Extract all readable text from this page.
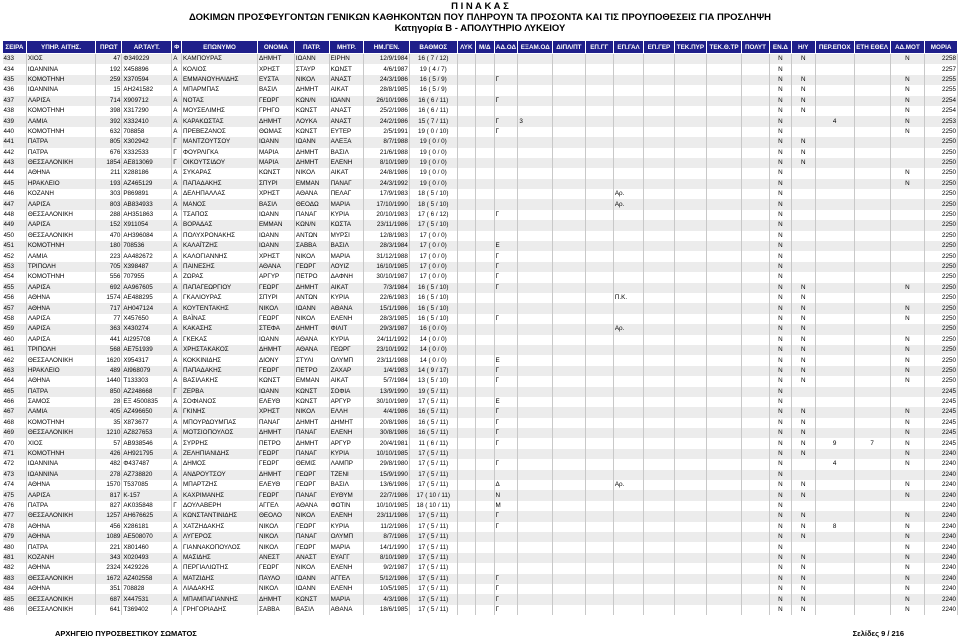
Π Ι Ν Α Κ Α Σ
ΔΟΚΙΜΩΝ ΠΡΟΣΦΕΥΓΟΝΤΩΝ ΓΕΝΙΚΩΝ ΚΑΘΗΚΟΝΤΩΝ ΠΟΥ ΠΛΗΡΟΥΝ ΤΑ ΠΡΟΣΟΝΤΑ ΚΑΙ ΤΙΣ ΠΡΟΥΠΟΘΕΣΕΙΣ ΓΙΑ ΠΡΟΣΛΗΨΗ
Κατηγορία Β - ΑΠΟΛΥΤΗΡΙΟ ΛΥΚΕΙΟΥ
ΣΕΙΡΑ	ΥΠΗΡ. ΑΙΤΗΣ.	ΠΡΩΤ	ΑΡ.ΤΑΥΤ.	Φ	ΕΠΩΝΥΜΟ	ΟΝΟΜΑ	ΠΑΤΡ.	ΜΗΤΡ.	ΗΜ.ΓΕΝ.	ΒΑΘΜΟΣ	ΛΥΚ	Μ/Δ	ΑΔ.ΟΔ	ΕΞΑΜ.ΟΔ	ΔΙΠΛ/ΠΤ	ΕΠ.ΓΓ	ΕΠ.ΓΑΛ	ΕΠ.ΓΕΡ	ΤΕΚ.ΠΥΡ	ΤΕΚ.Θ.ΤΡ	ΠΟΛΥΤ	ΕΝ.Δ	Η/Υ	ΠΕΡ.ΕΠΟΧ	ΕΤΗ ΕΘΕΛ	ΑΔ.ΜΟΤ	ΜΟΡΙΑ
433	ΧΙΟΣ	47	Φ349229	Α	ΚΑΜΠΟΥΡΑΣ	ΔΗΜΗΤ	ΙΩΑΝΝ	ΕΙΡΗΝ	12/9/1984	16 ( 7 / 12)												Ν	Ν			Ν	2258
434	ΙΩΑΝΝΙΝΑ	192	Χ458896	Α	ΚΟΛΙΟΣ	ΧΡΗΣΤ	ΣΤΑΥΡ	ΚΩΝΣΤ	4/6/1987	19 ( 4 / 7)												Ν					2257
435	ΚΟΜΟΤΗΝΗ	259	Χ370594	Α	ΕΜΜΑΝΟΥΗΛΙΔΗΣ	ΕΥΣΤΑ	ΝΙΚΟΛ	ΑΝΑΣΤ	24/3/1986	16 ( 5 / 9)			Γ									Ν	Ν			Ν	2255
436	ΙΩΑΝΝΙΝΑ	15	ΑΗ241582	Α	ΜΠΑΡΜΠΑΣ	ΒΑΣΙΛ	ΔΗΜΗΤ	ΑΙΚΑΤ	28/8/1985	16 ( 5 / 9)												Ν	Ν			Ν	2255
437	ΛΑΡΙΣΑ	714	Χ909712	Α	ΝΟΤΑΣ	ΓΕΩΡΓ	ΚΩΝ/Ν	ΙΩΑΝΝ	26/10/1986	16 ( 6 / 11)			Γ									Ν	Ν			Ν	2254
438	ΚΟΜΟΤΗΝΗ	398	Χ317290	Α	ΜΟΥΣΕΛΙΜΗΣ	ΓΡΗΓΟ	ΚΩΝΣΤ	ΑΝΑΣΤ	25/2/1986	16 ( 6 / 11)												Ν	Ν			Ν	2254
439	ΛΑΜΙΑ	392	Χ332410	Α	ΚΑΡΑΚΩΣΤΑΣ	ΔΗΜΗΤ	ΛΟΥΚΑ	ΑΝΑΣΤ	24/2/1986	15 ( 7 / 11)			Γ	3								Ν		4		Ν	2253
440	ΚΟΜΟΤΗΝΗ	632	708858	Α	ΠΡΕΒΕΖΑΝΟΣ	ΘΩΜΑΣ	ΚΩΝΣΤ	ΕΥΤΕΡ	2/5/1991	19 ( 0 / 10)			Γ									Ν				Ν	2250
441	ΠΑΤΡΑ	805	Χ302942	Γ	ΜΑΝΤΖΟΥΤΣΟΥ	ΙΩΑΝΝ	ΙΩΑΝΝ	ΑΛΕΞΑ	8/7/1988	19 ( 0 / 0)												Ν	Ν				2250
442	ΠΑΤΡΑ	676	Χ332533	Γ	ΦΟΥΡΛΙΓΚΑ	ΜΑΡΙΑ	ΔΗΜΗΤ	ΒΑΣΙΛ	21/6/1988	19 ( 0 / 0)												Ν	Ν				2250
443	ΘΕΣΣΑΛΟΝΙΚΗ	1854	ΑΕ813069	Γ	ΟΙΚΟΥΤΣΙΔΟΥ	ΜΑΡΙΑ	ΔΗΜΗΤ	ΕΛΕΝΗ	8/10/1989	19 ( 0 / 0)												Ν	Ν				2250
444	ΑΘΗΝΑ	211	Χ288186	Α	ΣΥΚΑΡΑΣ	ΚΩΝΣΤ	ΝΙΚΟΛ	ΑΙΚΑΤ	24/8/1986	19 ( 0 / 0)												Ν				Ν	2250
445	ΗΡΑΚΛΕΙΟ	193	ΑΖ465129	Α	ΠΑΠΑΔΑΚΗΣ	ΣΠΥΡΙ	ΕΜΜΑΝ	ΠΑΝΑΓ	24/3/1992	19 ( 0 / 0)												Ν				Ν	2250
446	ΚΟΖΑΝΗ	303	Ρ869891	Α	ΔΕΛΗΠΑΛΛΑΣ	ΧΡΗΣΤ	ΑΘΑΝΑ	ΠΕΛΑΓ	17/9/1983	18 ( 5 / 10)							Αρ.					Ν					2250
447	ΛΑΡΙΣΑ	803	ΑΒ834933	Α	ΜΑΝΟΣ	ΒΑΣΙΛ	ΘΕΟΔΩ	ΜΑΡΙΑ	17/10/1990	18 ( 5 / 10)							Αρ.					Ν					2250
448	ΘΕΣΣΑΛΟΝΙΚΗ	288	ΑΗ351863	Α	ΤΣΑΠΟΣ	ΙΩΑΝΝ	ΠΑΝΑΓ	ΚΥΡΙΑ	20/10/1983	17 ( 6 / 12)			Γ									Ν					2250
449	ΛΑΡΙΣΑ	152	Χ911054	Α	ΒΟΡΑΔΑΣ	ΕΜΜΑΝ	ΚΩΝ/Ν	ΚΩΣΤΑ	23/11/1986	17 ( 5 / 10)												Ν					2250
450	ΘΕΣΣΑΛΟΝΙΚΗ	470	ΑΗ396084	Α	ΠΟΛΥΧΡΟΝΑΚΗΣ	ΙΩΑΝΝ	ΑΝΤΩΝ	ΜΥΡΣΙ	12/8/1983	17 ( 0 / 0)												Ν					2250
451	ΚΟΜΟΤΗΝΗ	180	708536	Α	ΚΑΛΑΪΤΖΗΣ	ΙΩΑΝΝ	ΣΑΒΒΑ	ΒΑΣΙΛ	28/3/1984	17 ( 0 / 0)			Ε									Ν					2250
452	ΛΑΜΙΑ	223	ΑΑ482672	Α	ΚΑΛΟΓΙΑΝΝΗΣ	ΧΡΗΣΤ	ΝΙΚΟΛ	ΜΑΡΙΑ	31/12/1988	17 ( 0 / 0)			Γ									Ν					2250
453	ΤΡΙΠΟΛΗ	705	Χ398487	Α	ΠΑΙΝΕΣΗΣ	ΑΘΑΝΑ	ΓΕΩΡΓ	ΛΟΥΙΖ	16/10/1985	17 ( 0 / 0)			Γ									Ν					2250
454	ΚΟΜΟΤΗΝΗ	556	707955	Α	ΖΩΡΑΣ	ΑΡΓΥΡ	ΠΕΤΡΟ	ΔΑΦΝΗ	30/10/1987	17 ( 0 / 0)			Γ									Ν					2250
455	ΛΑΡΙΣΑ	692	ΑΑ967605	Α	ΠΑΠΑΓΕΩΡΓΙΟΥ	ΓΕΩΡΓ	ΔΗΜΗΤ	ΑΙΚΑΤ	7/3/1984	16 ( 5 / 10)			Γ									Ν	Ν			Ν	2250
456	ΑΘΗΝΑ	1574	ΑΕ488295	Α	ΓΚΑΛΙΟΥΡΑΣ	ΣΠΥΡΙ	ΑΝΤΩΝ	ΚΥΡΙΑ	22/6/1983	16 ( 5 / 10)							Π.Κ.					Ν	Ν				2250
457	ΑΘΗΝΑ	717	ΑΗ047124	Α	ΚΟΥΤΕΝΤΑΚΗΣ	ΝΙΚΟΛ	ΙΩΑΝΝ	ΑΘΑΝΑ	15/1/1986	16 ( 5 / 10)												Ν	Ν			Ν	2250
458	ΛΑΡΙΣΑ	77	Χ457650	Α	ΒΑΪΝΑΣ	ΓΕΩΡΓ	ΝΙΚΟΛ	ΕΛΕΝΗ	28/3/1985	16 ( 5 / 10)			Γ									Ν	Ν			Ν	2250
459	ΛΑΡΙΣΑ	363	Χ430274	Α	ΚΑΚΑΣΗΣ	ΣΤΕΦΑ	ΔΗΜΗΤ	ΦΙΛΙΤ	29/3/1987	16 ( 0 / 0)							Αρ.					Ν	Ν				2250
460	ΛΑΡΙΣΑ	441	ΑΙ295708	Α	ΓΚΕΚΑΣ	ΙΩΑΝΝ	ΑΘΑΝΑ	ΚΥΡΙΑ	24/11/1992	14 ( 0 / 0)												Ν	Ν			Ν	2250
461	ΤΡΙΠΟΛΗ	568	ΑΕ751939	Α	ΧΡΗΣΤΑΚΑΚΟΣ	ΔΗΜΗΤ	ΑΘΑΝΑ	ΓΕΩΡΓ	23/10/1992	14 ( 0 / 0)												Ν	Ν			Ν	2250
462	ΘΕΣΣΑΛΟΝΙΚΗ	1620	Χ954317	Α	ΚΟΚΚΙΝΙΔΗΣ	ΔΙΟΝΥ	ΣΤΥΛΙ	ΟΛΥΜΠ	23/11/1988	14 ( 0 / 0)			Ε									Ν	Ν			Ν	2250
463	ΗΡΑΚΛΕΙΟ	489	ΑΙ968079	Α	ΠΑΠΑΔΑΚΗΣ	ΓΕΩΡΓ	ΠΕΤΡΟ	ΖΑΧΑΡ	1/4/1983	14 ( 9 / 17)			Γ									Ν	Ν			Ν	2250
464	ΑΘΗΝΑ	1440	Τ133303	Α	ΒΑΣΙΛΑΚΗΣ	ΚΩΝΣΤ	ΕΜΜΑΝ	ΑΙΚΑΤ	5/7/1984	13 ( 5 / 10)			Γ									Ν	Ν			Ν	2250
465	ΠΑΤΡΑ	850	ΑΖ248668	Γ	ΖΕΡΒΑ	ΙΩΑΝΝ	ΚΩΝΣΤ	ΣΟΦΙΑ	13/9/1990	19 ( 5 / 11)												Ν					2245
466	ΣΑΜΟΣ	28	ΕΞ 4500835	Α	ΣΟΦΙΑΝΟΣ	ΕΛΕΥΘ	ΚΩΝΣΤ	ΑΡΓΥΡ	30/10/1989	17 ( 5 / 11)			Ε									Ν					2245
467	ΛΑΜΙΑ	405	ΑΖ496650	Α	ΓΚΙΝΗΣ	ΧΡΗΣΤ	ΝΙΚΟΛ	ΕΛΛΗ	4/4/1986	16 ( 5 / 11)			Γ									Ν	Ν			Ν	2245
468	ΚΟΜΟΤΗΝΗ	35	Χ873677	Α	ΜΠΟΥΡΔΟΥΜΠΑΣ	ΠΑΝΑΓ	ΔΗΜΗΤ	ΔΗΜΗΤ	20/8/1986	16 ( 5 / 11)			Γ									Ν	Ν			Ν	2245
469	ΘΕΣΣΑΛΟΝΙΚΗ	1210	ΑΖ827653	Α	ΜΟΤΣΙΟΠΟΥΛΟΣ	ΔΗΜΗΤ	ΠΑΝΑΓ	ΕΛΕΝΗ	30/8/1986	16 ( 5 / 11)			Γ									Ν	Ν			Ν	2245
470	ΧΙΟΣ	57	ΑΒ938546	Α	ΣΥΡΡΗΣ	ΠΕΤΡΟ	ΔΗΜΗΤ	ΑΡΓΥΡ	20/4/1981	11 ( 6 / 11)			Γ									Ν	Ν	9	7	Ν	2245
471	ΚΟΜΟΤΗΝΗ	426	ΑΗ921795	Α	ΖΕΛΗΠΙΑΝΙΔΗΣ	ΓΕΩΡΓ	ΠΑΝΑΓ	ΚΥΡΙΑ	10/10/1985	17 ( 5 / 11)												Ν	Ν			Ν	2240
472	ΙΩΑΝΝΙΝΑ	482	Φ437487	Α	ΔΗΜΟΣ	ΓΕΩΡΓ	ΘΕΜΙΣ	ΛΑΜΠΡ	29/8/1980	17 ( 5 / 11)			Γ									Ν		4		Ν	2240
473	ΙΩΑΝΝΙΝΑ	278	ΑΖ738820	Α	ΑΝΔΡΟΥΤΣΟΥ	ΔΗΜΗΤ	ΓΕΩΡΓ	ΤΖΕΝΙ	15/9/1990	17 ( 5 / 11)												Ν					2240
474	ΑΘΗΝΑ	1570	Τ537085	Α	ΜΠΑΡΤΖΗΣ	ΕΛΕΥΘ	ΓΕΩΡΓ	ΒΑΣΙΛ	13/6/1986	17 ( 5 / 11)			Δ				Αρ.					Ν	Ν			Ν	2240
475	ΛΑΡΙΣΑ	817	Κ-157	Α	ΚΑΧΡΙΜΑΝΗΣ	ΓΕΩΡΓ	ΠΑΝΑΓ	ΕΥΘΥΜ	22/7/1986	17 ( 10 / 11)			Ν									Ν	Ν			Ν	2240
476	ΠΑΤΡΑ	827	ΑΚ035848	Γ	ΔΟΥΛΑΒΕΡΗ	ΑΓΓΕΛ	ΑΘΑΝΑ	ΦΩΤΙΝ	10/10/1985	18 ( 10 / 11)			Μ									Ν					2240
477	ΘΕΣΣΑΛΟΝΙΚΗ	1257	ΑΗ676625	Α	ΚΩΝΣΤΑΝΤΙΝΙΔΗΣ	ΘΕΟΛΟ	ΝΙΚΟΛ	ΕΛΕΝΗ	23/11/1986	17 ( 5 / 11)			Γ									Ν	Ν			Ν	2240
478	ΑΘΗΝΑ	456	Χ286181	Α	ΧΑΤΖΗΔΑΚΗΣ	ΝΙΚΟΛ	ΓΕΩΡΓ	ΚΥΡΙΑ	11/2/1986	17 ( 5 / 11)			Γ									Ν	Ν	8		Ν	2240
479	ΑΘΗΝΑ	1089	ΑΕ508070	Α	ΛΥΓΕΡΟΣ	ΝΙΚΟΛ	ΠΑΝΑΓ	ΟΛΥΜΠ	8/7/1986	17 ( 5 / 11)												Ν	Ν			Ν	2240
480	ΠΑΤΡΑ	221	Χ801460	Α	ΓΙΑΝΝΑΚΟΠΟΥΛΟΣ	ΝΙΚΟΛ	ΓΕΩΡΓ	ΜΑΡΙΑ	14/1/1990	17 ( 5 / 11)												Ν				Ν	2240
481	ΚΟΖΑΝΗ	343	Χ020493	Α	ΜΑΣΙΔΗΣ	ΑΝΕΣΤ	ΑΝΑΣΤ	ΕΥΑΓΓ	8/10/1989	17 ( 5 / 11)												Ν	Ν			Ν	2240
482	ΑΘΗΝΑ	2324	Χ429226	Α	ΠΕΡΓΙΑΛΙΩΤΗΣ	ΓΕΩΡΓ	ΝΙΚΟΛ	ΕΛΕΝΗ	9/2/1987	17 ( 5 / 11)												Ν	Ν			Ν	2240
483	ΘΕΣΣΑΛΟΝΙΚΗ	1672	ΑΖ402558	Α	ΜΑΤΖΙΔΗΣ	ΠΑΥΛΟ	ΙΩΑΝΝ	ΑΓΓΕΛ	5/12/1986	17 ( 5 / 11)			Γ									Ν	Ν			Ν	2240
484	ΑΘΗΝΑ	351	708828	Α	ΛΙΑΔΑΚΗΣ	ΝΙΚΟΛ	ΙΩΑΝΝ	ΕΛΕΝΗ	10/5/1985	17 ( 5 / 11)			Γ									Ν	Ν			Ν	2240
485	ΘΕΣΣΑΛΟΝΙΚΗ	687	Χ447531	Α	ΜΠΑΜΠΑΓΙΑΝΝΗΣ	ΔΗΜΗΤ	ΚΩΝΣΤ	ΜΑΡΙΑ	4/3/1986	17 ( 5 / 11)			Γ									Ν	Ν			Ν	2240
486	ΘΕΣΣΑΛΟΝΙΚΗ	641	Τ369402	Α	ΓΡΗΓΟΡΙΑΔΗΣ	ΣΑΒΒΑ	ΒΑΣΙΛ	ΑΘΑΝΑ	18/6/1985	17 ( 5 / 11)			Γ									Ν	Ν			Ν	2240
ΑΡΧΗΓΕΙΟ ΠΥΡΟΣΒΕΣΤΙΚΟΥ ΣΩΜΑΤΟΣ	Σελίδες 9 / 216
